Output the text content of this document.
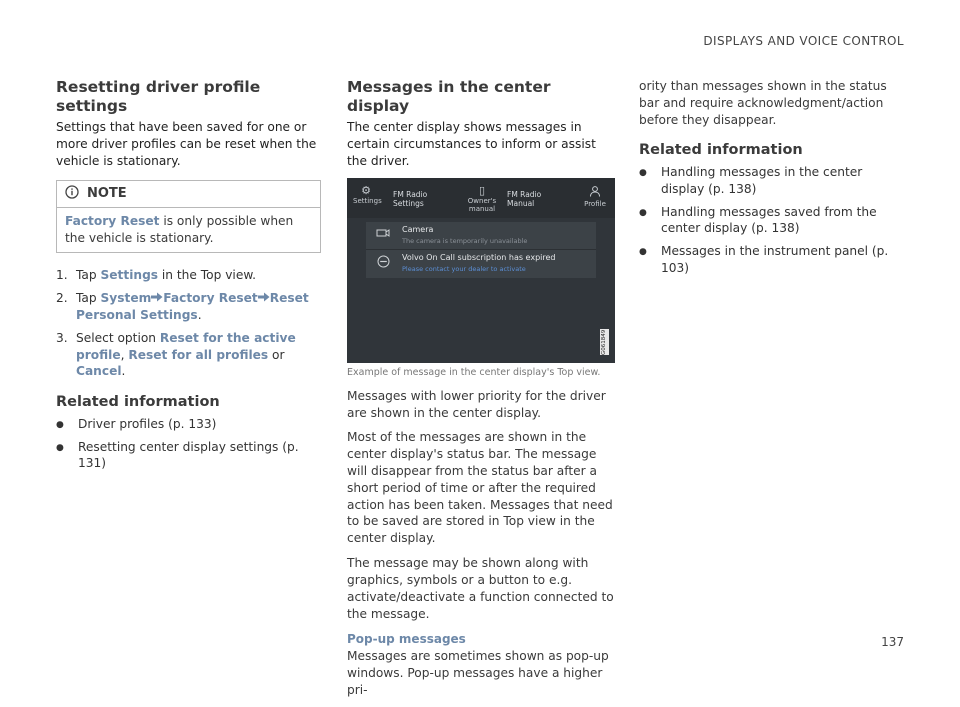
DISPLAYS AND VOICE CONTROL
Resetting driver profile settings

Settings that have been saved for one or more driver profiles can be reset when the vehicle is stationary.

NOTE
Factory Reset is only possible when the vehicle is stationary.
1. Tap Settings in the Top view.
2. Tap System Factory Reset Reset Personal Settings.
3. Select option Reset for the active profile, Reset for all profiles or Cancel.
Related information
●	Driver profiles (p. 133)
●	Resetting center display settings (p. 131)
Messages in the center display

The center display shows messages in certain circumstances to inform or assist the driver.

⚙
Settings
FM Radio
Settings
▯
Owner's
manual
FM Radio
Manual	Profile
Camera
The camera is temporarily unavailable
Volvo On Call subscription has expired
Please contact your dealer to activate
G061849
Example of message in the center display's Top view.

Messages with lower priority for the driver are shown in the center display.

Most of the messages are shown in the center display's status bar. The message will disappear from the status bar after a short period of time or after the required action has been taken. Messages that need to be saved are stored in Top view in the center display.

The message may be shown along with graphics, symbols or a button to e.g. activate/deactivate a function connected to the message.

Pop-up messages

Messages are sometimes shown as pop-up windows. Pop-up messages have a higher pri-

ority than messages shown in the status bar and require acknowledgment/action before they disappear.

Related information
●	Handling messages in the center display (p. 138)
●	Handling messages saved from the center display (p. 138)
●	Messages in the instrument panel (p. 103)
137
